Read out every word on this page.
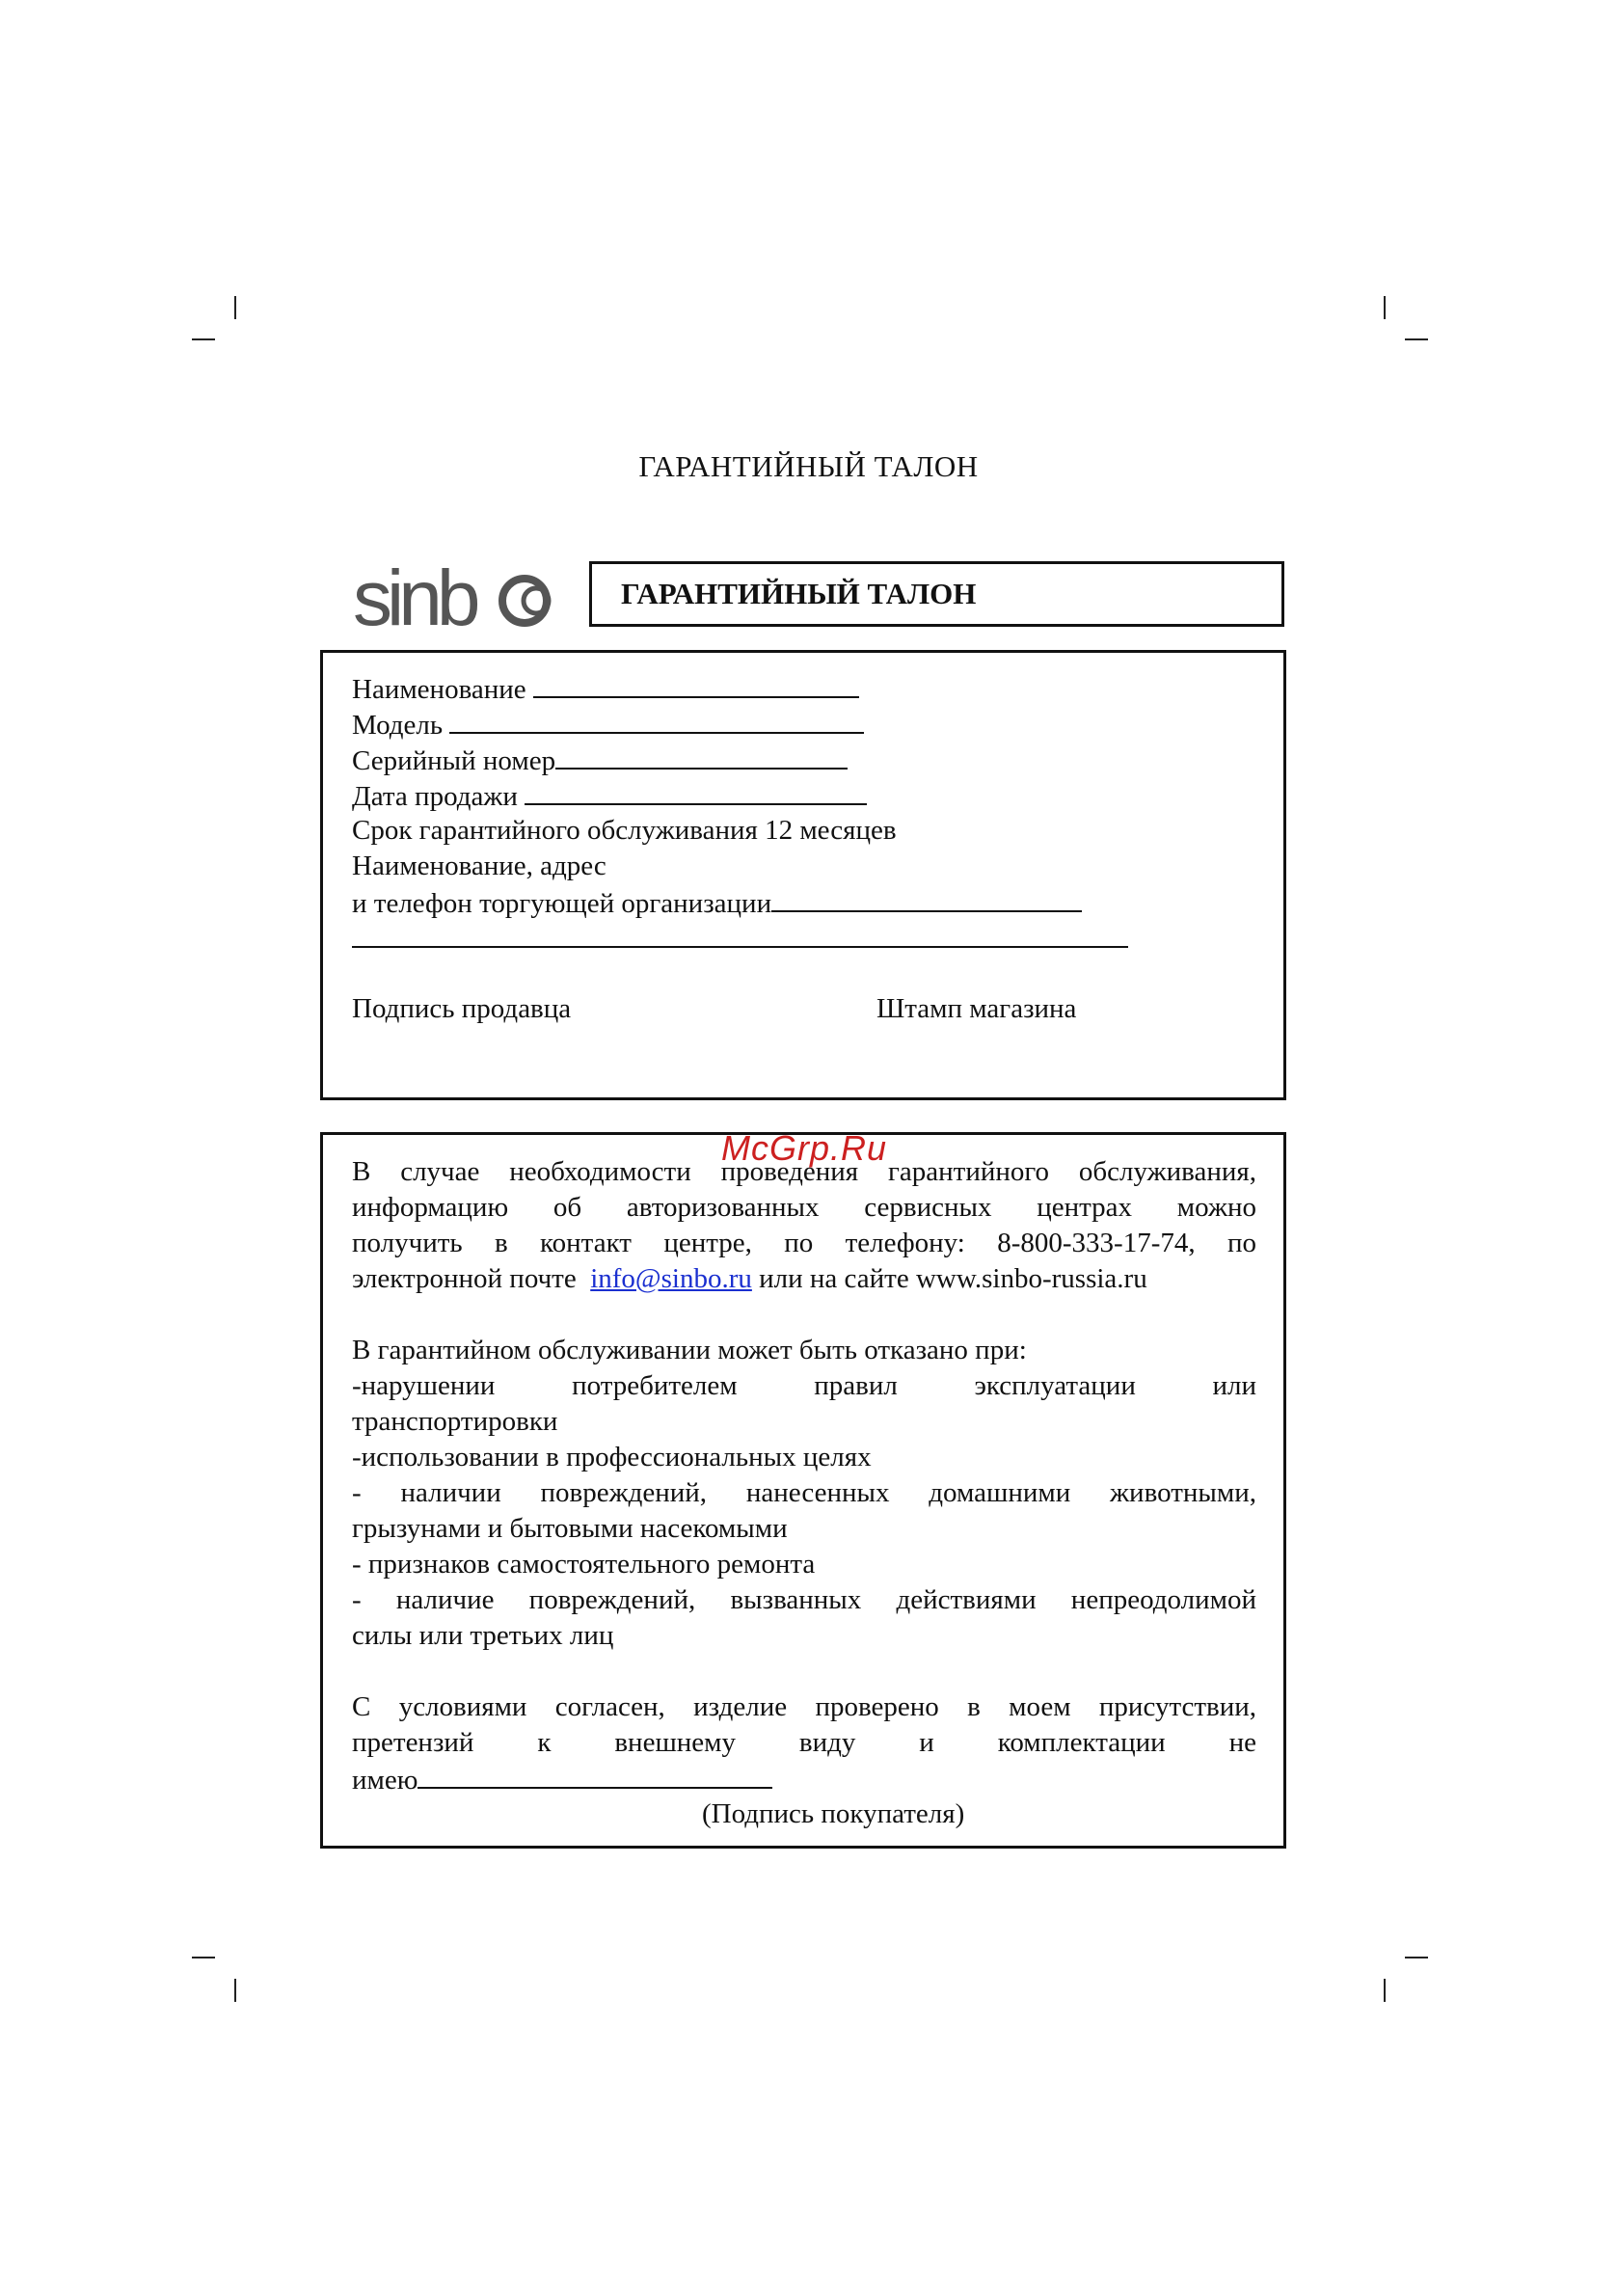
ГАРАНТИЙНЫЙ ТАЛОН
sinb	ГАРАНТИЙНЫЙ ТАЛОН
Наименование
Модель
Серийный номер
Дата продажи
Срок гарантийного обслуживания 12 месяцев
Наименование, адрес
и телефон торгующей организации
Подпись продавца	Штамп магазина
В случае необходимости проведения гарантийного обслуживания,
информацию об авторизованных сервисных центрах можно
получить в контакт центре, по телефону: 8-800-333-17-74, по
электронной почте info@sinbo.ru или на сайте www.sinbo-russia.ru
В гарантийном обслуживании может быть отказано при:
-нарушении потребителем правил эксплуатации или
транспортировки
-использовании в профессиональных целях
- наличии повреждений, нанесенных домашними животными,
грызунами и бытовыми насекомыми
- признаков самостоятельного ремонта
- наличие повреждений, вызванных действиями непреодолимой
силы или третьих лиц
С условиями согласен, изделие проверено в моем присутствии,
претензий к внешнему виду и комплектации не
имею
(Подпись покупателя)
McGrp.Ru
